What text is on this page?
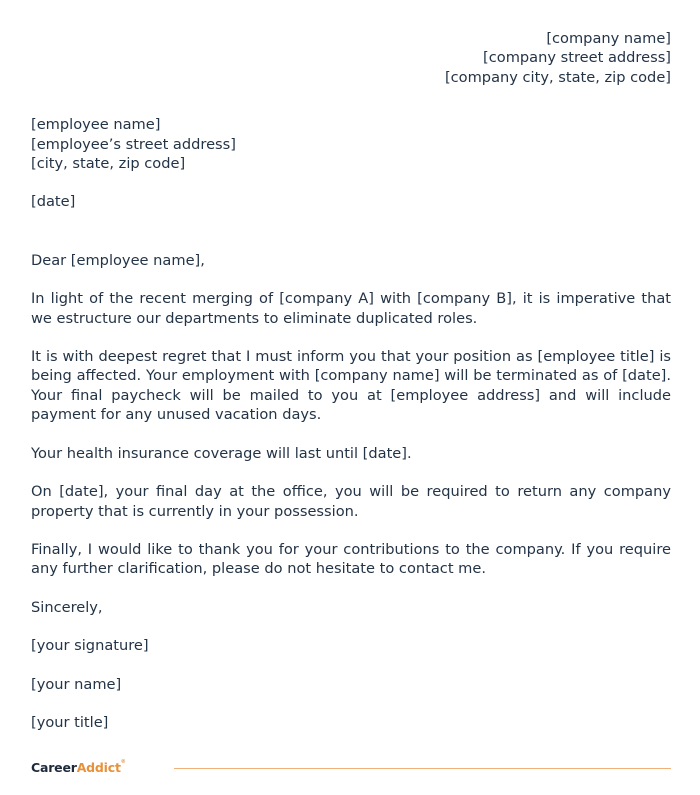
[company name]
[company street address]
[company city, state, zip code]
[employee name]
[employee’s street address]
[city, state, zip code]
[date]
Dear [employee name],

In light of the recent merging of [company A] with [company B], it is imperative that we estructure our departments to eliminate duplicated roles.

It is with deepest regret that I must inform you that your position as [employee title] is being affected. Your employment with [company name] will be terminated as of [date]. Your final paycheck will be mailed to you at [employee address] and will include payment for any unused vacation days.

Your health insurance coverage will last until [date].

On [date], your final day at the office, you will be required to return any company property that is currently in your possession.

Finally, I would like to thank you for your contributions to the company. If you require any further clarification, please do not hesitate to contact me.

Sincerely,
[your signature]
[your name]
[your title]
CareerAddict®
